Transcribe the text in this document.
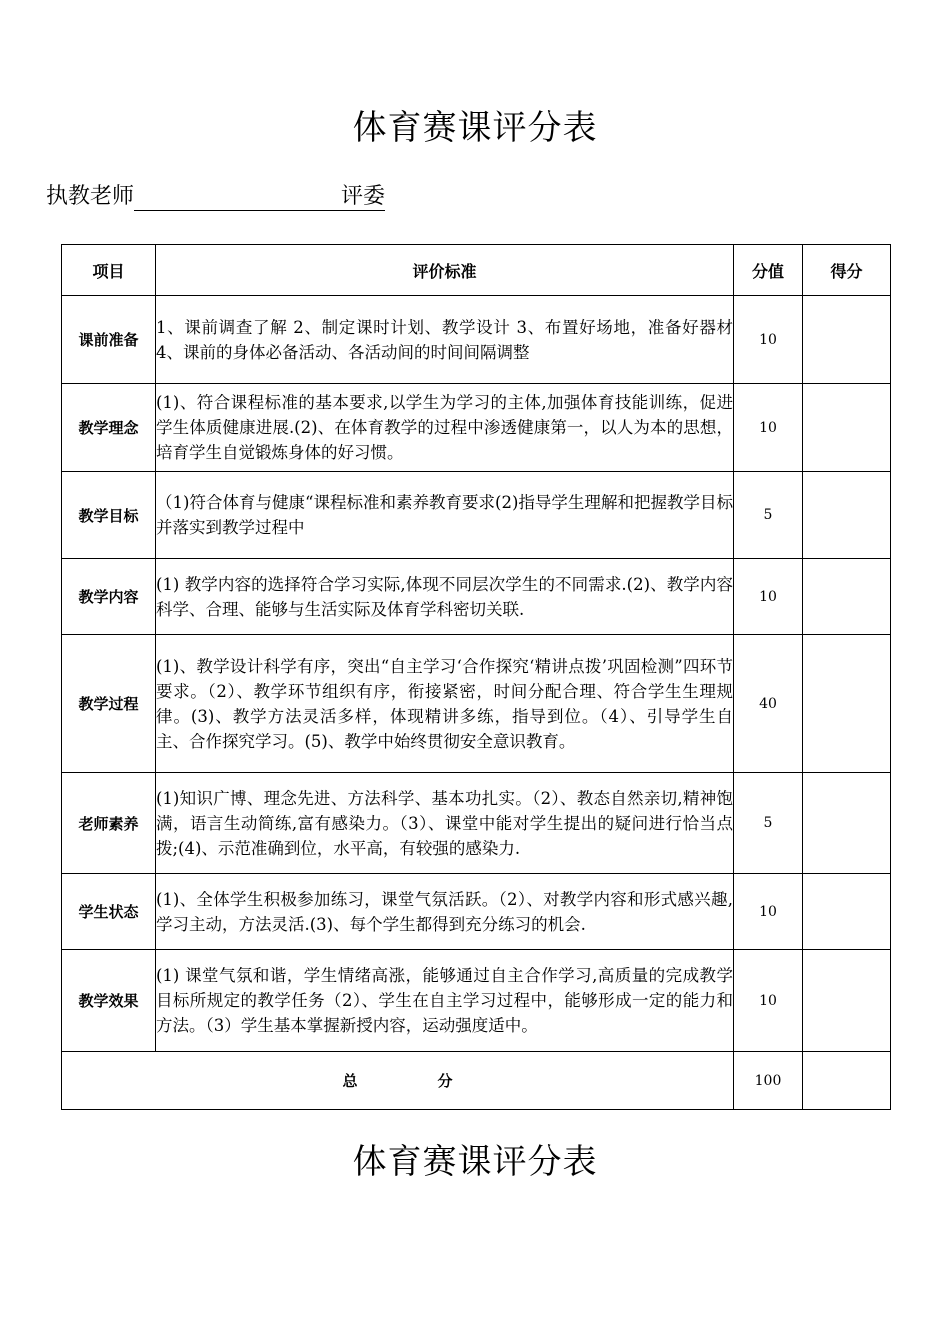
体育赛课评分表
执教老师	评委
项目	评价标准	分值	得分
课前准备	1、课前调查了解 2、制定课时计划、教学设计 3、布置好场地，准备好器材 4、课前的身体必备活动、各活动间的时间间隔调整	10	
教学理念	(1)、符合课程标准的基本要求,以学生为学习的主体,加强体育技能训练，促进学生体质健康进展.(2)、在体育教学的过程中渗透健康第一，以人为本的思想，培育学生自觉锻炼身体的好习惯。	10	
教学目标	（1)符合体育与健康“课程标准和素养教育要求(2)指导学生理解和把握教学目标并落实到教学过程中	5	
教学内容	(1) 教学内容的选择符合学习实际,体现不同层次学生的不同需求.(2)、教学内容科学、合理、能够与生活实际及体育学科密切关联.	10	
教学过程	(1)、教学设计科学有序，突出“自主学习‘合作探究‘精讲点拨’巩固检测”四环节要求。（2）、教学环节组织有序，衔接紧密，时间分配合理、符合学生生理规律。(3)、教学方法灵活多样，体现精讲多练，指导到位。（4）、引导学生自主、合作探究学习。(5)、教学中始终贯彻安全意识教育。	40	
老师素养	(1)知识广博、理念先进、方法科学、基本功扎实。（2）、教态自然亲切,精神饱满，语言生动简练,富有感染力。（3）、课堂中能对学生提出的疑问进行恰当点拨;(4)、示范准确到位，水平高，有较强的感染力.	5	
学生状态	(1)、全体学生积极参加练习，课堂气氛活跃。（2）、对教学内容和形式感兴趣,学习主动，方法灵活.(3)、每个学生都得到充分练习的机会.	10	
教学效果	(1) 课堂气氛和谐，学生情绪高涨，能够通过自主合作学习,高质量的完成教学目标所规定的教学任务（2）、学生在自主学习过程中，能够形成一定的能力和方法。（3）学生基本掌握新授内容，运动强度适中。	10	
总 分		100	
体育赛课评分表
